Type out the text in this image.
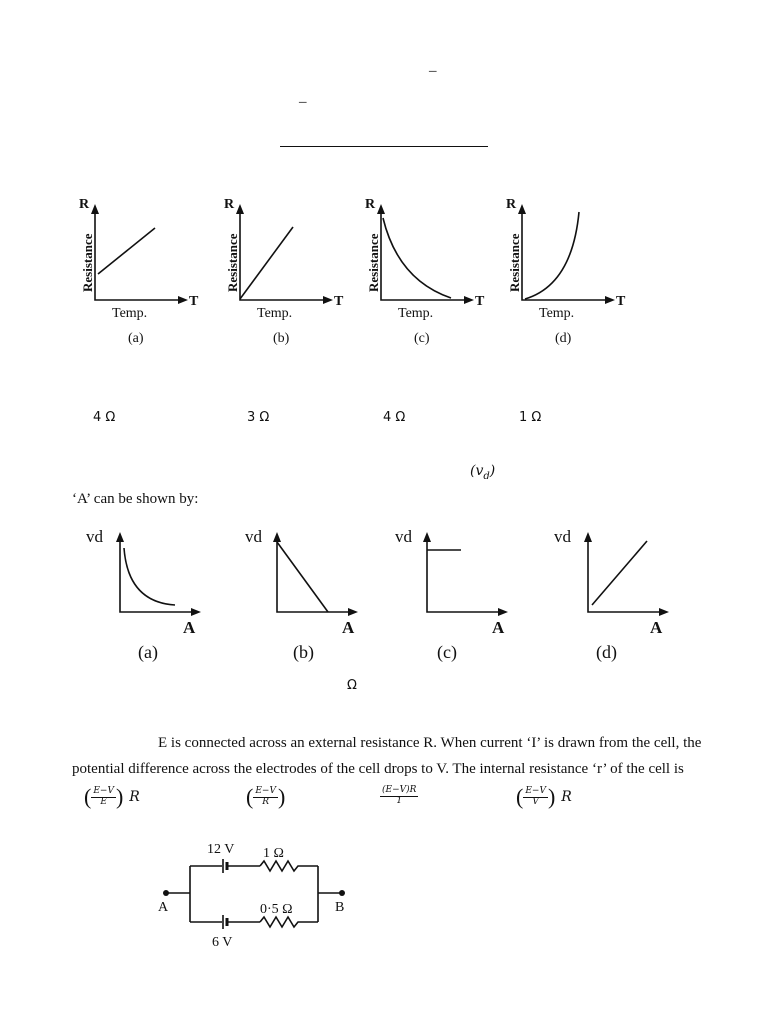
–
–
R
T
Resistance
Temp.
(a)
R
T
Resistance
Temp.
(b)
R
T
Resistance
Temp.
(c)
R
T
Resistance
Temp.
(d)
4 Ω	3 Ω	4 Ω	1 Ω
$(v_d)$
‘A’ can be shown by:
vd
A
(a)
vd
A
(b)
vd
A
(c)
vd
A
(d)
Ω
E is connected across an external resistance R. When current ‘I’ is drawn from the cell, the
potential difference across the electrodes of the cell drops to V. The internal resistance ‘r’ of the cell is
( $\frac{E-V}{E}$ ) R	( $\frac{E-V}{R}$ )	$\frac{(E-V)R}{1}$	( $\frac{E-V}{V}$ ) R
12 V 1 Ω
0·5 Ω
6 V
A	B
